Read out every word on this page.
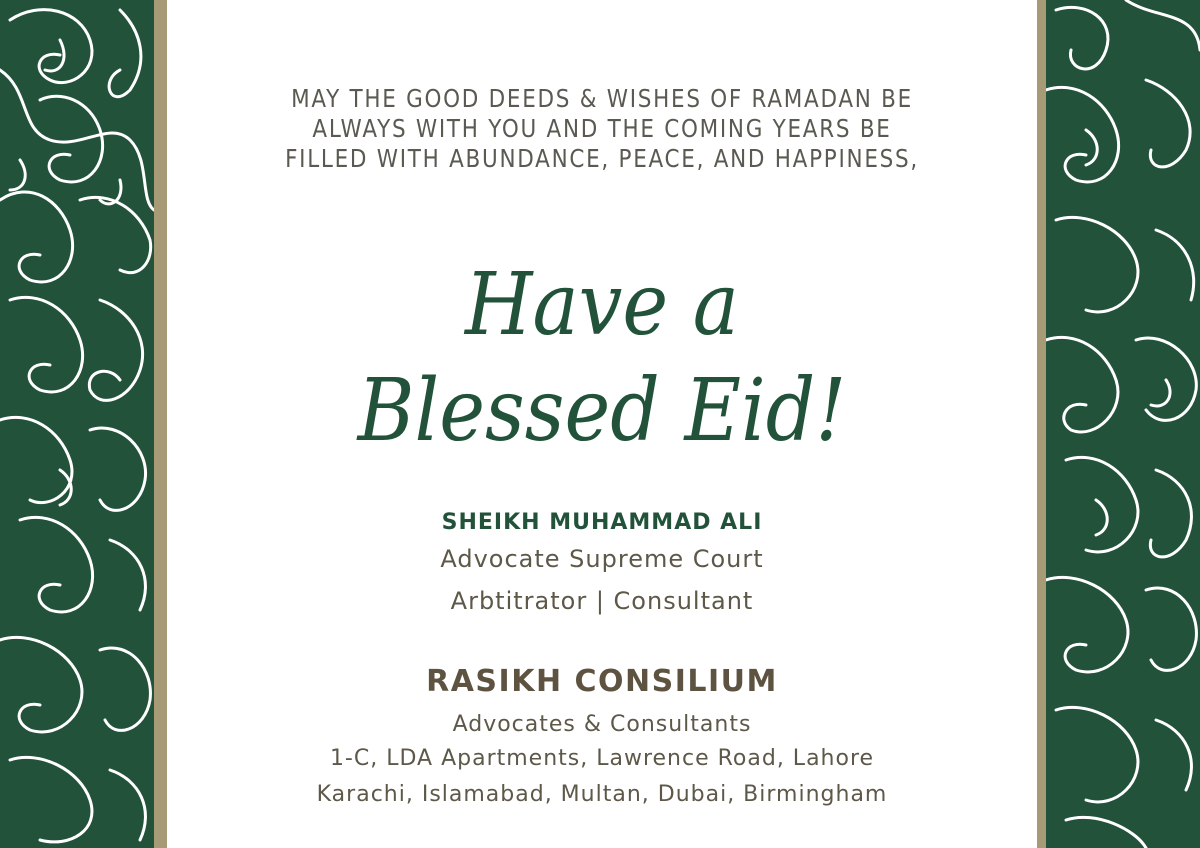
MAY THE GOOD DEEDS & WISHES OF RAMADAN BE
ALWAYS WITH YOU AND THE COMING YEARS BE
FILLED WITH ABUNDANCE, PEACE, AND HAPPINESS,
Have a
Blessed Eid!
SHEIKH MUHAMMAD ALI
Advocate Supreme Court
Arbtitrator | Consultant
RASIKH CONSILIUM
Advocates & Consultants
1-C, LDA Apartments, Lawrence Road, Lahore
Karachi, Islamabad, Multan, Dubai, Birmingham
